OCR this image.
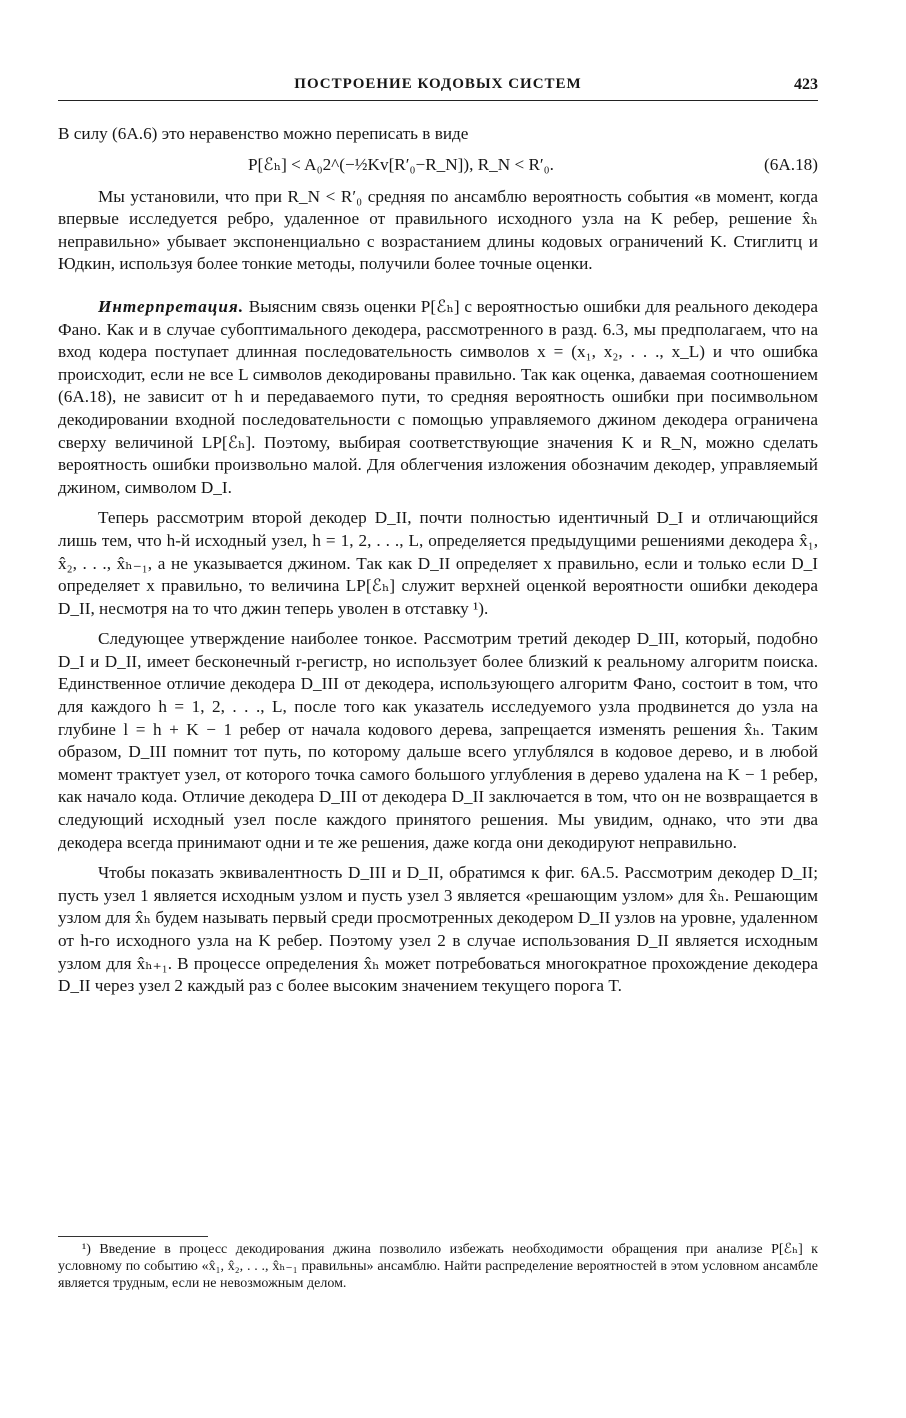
ПОСТРОЕНИЕ КОДОВЫХ СИСТЕМ	423

В силу (6А.6) это неравенство можно переписать в виде

P[ℰₕ] < A₀2^(−½Kv[R′₀−R_N]), R_N < R′₀.	(6А.18)

Мы установили, что при R_N < R′₀ средняя по ансамблю вероятность события «в момент, когда впервые исследуется ребро, удаленное от правильного исходного узла на K ребер, решение x̂ₕ неправильно» убывает экспоненциально с возрастанием длины кодовых ограничений K. Стиглитц и Юдкин, используя более тонкие методы, получили более точные оценки.

Интерпретация. Выясним связь оценки P[ℰₕ] с вероятностью ошибки для реального декодера Фано. Как и в случае субоптимального декодера, рассмотренного в разд. 6.3, мы предполагаем, что на вход кодера поступает длинная последовательность символов x = (x₁, x₂, . . ., x_L) и что ошибка происходит, если не все L символов декодированы правильно. Так как оценка, даваемая соотношением (6А.18), не зависит от h и передаваемого пути, то средняя вероятность ошибки при посимвольном декодировании входной последовательности с помощью управляемого джином декодера ограничена сверху величиной LP[ℰₕ]. Поэтому, выбирая соответствующие значения K и R_N, можно сделать вероятность ошибки произвольно малой. Для облегчения изложения обозначим декодер, управляемый джином, символом D_I.

Теперь рассмотрим второй декодер D_II, почти полностью идентичный D_I и отличающийся лишь тем, что h-й исходный узел, h = 1, 2, . . ., L, определяется предыдущими решениями декодера x̂₁, x̂₂, . . ., x̂ₕ₋₁, а не указывается джином. Так как D_II определяет x правильно, если и только если D_I определяет x правильно, то величина LP[ℰₕ] служит верхней оценкой вероятности ошибки декодера D_II, несмотря на то что джин теперь уволен в отставку ¹).

Следующее утверждение наиболее тонкое. Рассмотрим третий декодер D_III, который, подобно D_I и D_II, имеет бесконечный r-регистр, но использует более близкий к реальному алгоритм поиска. Единственное отличие декодера D_III от декодера, использующего алгоритм Фано, состоит в том, что для каждого h = 1, 2, . . ., L, после того как указатель исследуемого узла продвинется до узла на глубине l = h + K − 1 ребер от начала кодового дерева, запрещается изменять решения x̂ₕ. Таким образом, D_III помнит тот путь, по которому дальше всего углублялся в кодовое дерево, и в любой момент трактует узел, от которого точка самого большого углубления в дерево удалена на K − 1 ребер, как начало кода. Отличие декодера D_III от декодера D_II заключается в том, что он не возвращается в следующий исходный узел после каждого принятого решения. Мы увидим, однако, что эти два декодера всегда принимают одни и те же решения, даже когда они декодируют неправильно.

Чтобы показать эквивалентность D_III и D_II, обратимся к фиг. 6А.5. Рассмотрим декодер D_II; пусть узел 1 является исходным узлом и пусть узел 3 является «решающим узлом» для x̂ₕ. Решающим узлом для x̂ₕ будем называть первый среди просмотренных декодером D_II узлов на уровне, удаленном от h-го исходного узла на K ребер. Поэтому узел 2 в случае использования D_II является исходным узлом для x̂ₕ₊₁. В процессе определения x̂ₕ может потребоваться многократное прохождение декодера D_II через узел 2 каждый раз с более высоким значением текущего порога T.

¹) Введение в процесс декодирования джина позволило избежать необходимости обращения при анализе P[ℰₕ] к условному по событию «x̂₁, x̂₂, . . ., x̂ₕ₋₁ правильны» ансамблю. Найти распределение вероятностей в этом условном ансамбле является трудным, если не невозможным делом.
